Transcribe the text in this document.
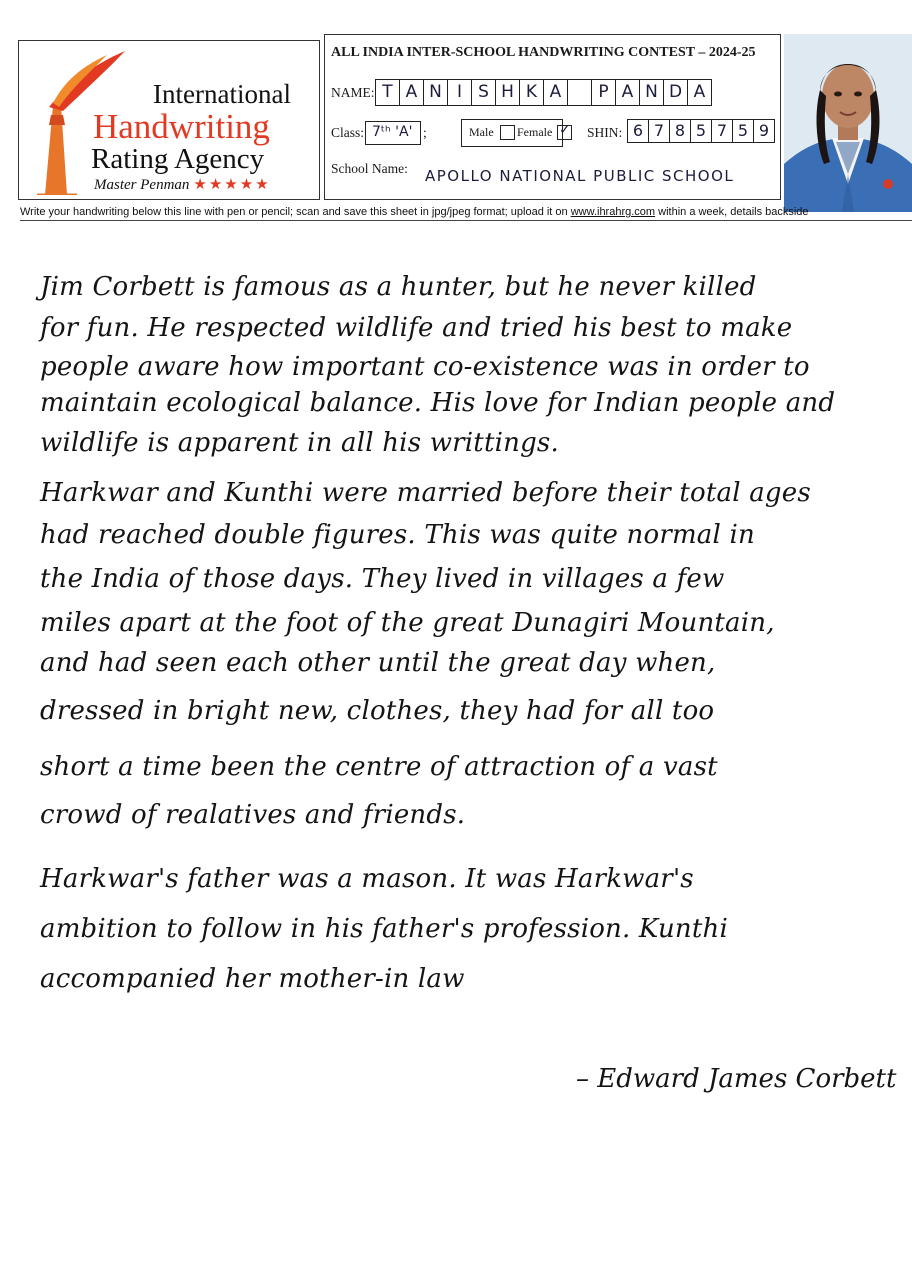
International
Handwriting
Rating Agency
Master Penman ★★★★★
ALL INDIA INTER-SCHOOL HANDWRITING CONTEST – 2024-25
NAME: T A N I S H K A	P A N D A
Class: 7ᵗʰ 'A' ;	Male Female ✓ SHIN: 6 7 8 5 7 5 9
School Name: APOLLO NATIONAL PUBLIC SCHOOL
Write your handwriting below this line with pen or pencil; scan and save this sheet in jpg/jpeg format; upload it on www.ihrahrg.com within a week, details backside
Jim Corbett is famous as a hunter, but he never killed
for fun. He respected wildlife and tried his best to make
people aware how important co-existence was in order to
maintain ecological balance. His love for Indian people and
wildlife is apparent in all his writtings.
Harkwar and Kunthi were married before their total ages
had reached double figures. This was quite normal in
the India of those days. They lived in villages a few
miles apart at the foot of the great Dunagiri Mountain,
and had seen each other until the great day when,
dressed in bright new, clothes, they had for all too
short a time been the centre of attraction of a vast
crowd of realatives and friends.
Harkwar's father was a mason. It was Harkwar's
ambition to follow in his father's profession. Kunthi
accompanied her mother-in law
– Edward James Corbett
